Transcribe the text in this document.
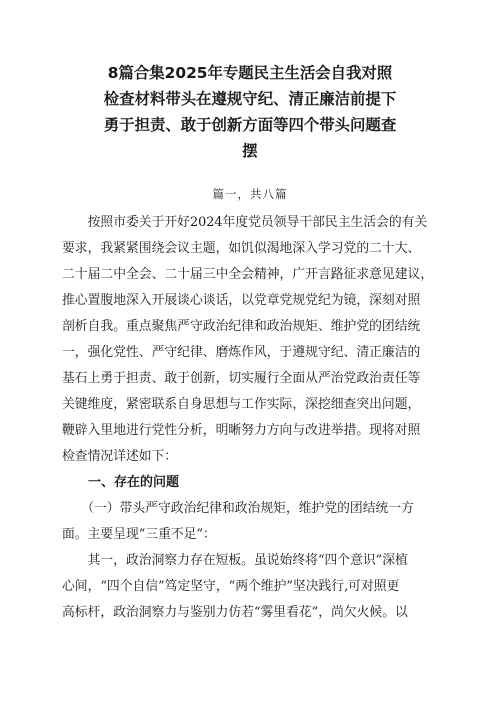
8篇合集2025年专题民主生活会自我对照
检查材料带头在遵规守纪、清正廉洁前提下
勇于担责、敢于创新方面等四个带头问题查
摆
篇一，共八篇

　　按照市委关于开好2024年度党员领导干部民主生活会的有关
要求，我紧紧围绕会议主题，如饥似渴地深入学习党的二十大、
二十届二中全会、二十届三中全会精神，广开言路征求意见建议，
推心置腹地深入开展谈心谈话，以党章党规党纪为镜，深刻对照
剖析自我。重点聚焦严守政治纪律和政治规矩、维护党的团结统
一，强化党性、严守纪律、磨炼作风，于遵规守纪、清正廉洁的
基石上勇于担责、敢于创新，切实履行全面从严治党政治责任等
关键维度，紧密联系自身思想与工作实际，深挖细查突出问题，
鞭辟入里地进行党性分析，明晰努力方向与改进举措。现将对照
检查情况详述如下：

一、存在的问题

　　（一）带头严守政治纪律和政治规矩，维护党的团结统一方
面。主要呈现“三重不足”：

　　其一，政治洞察力存在短板。虽说始终将“四个意识”深植
心间，“四个自信”笃定坚守，“两个维护”坚决践行,可对照更
高标杆，政治洞察力与鉴别力仿若“雾里看花”，尚欠火候。以
